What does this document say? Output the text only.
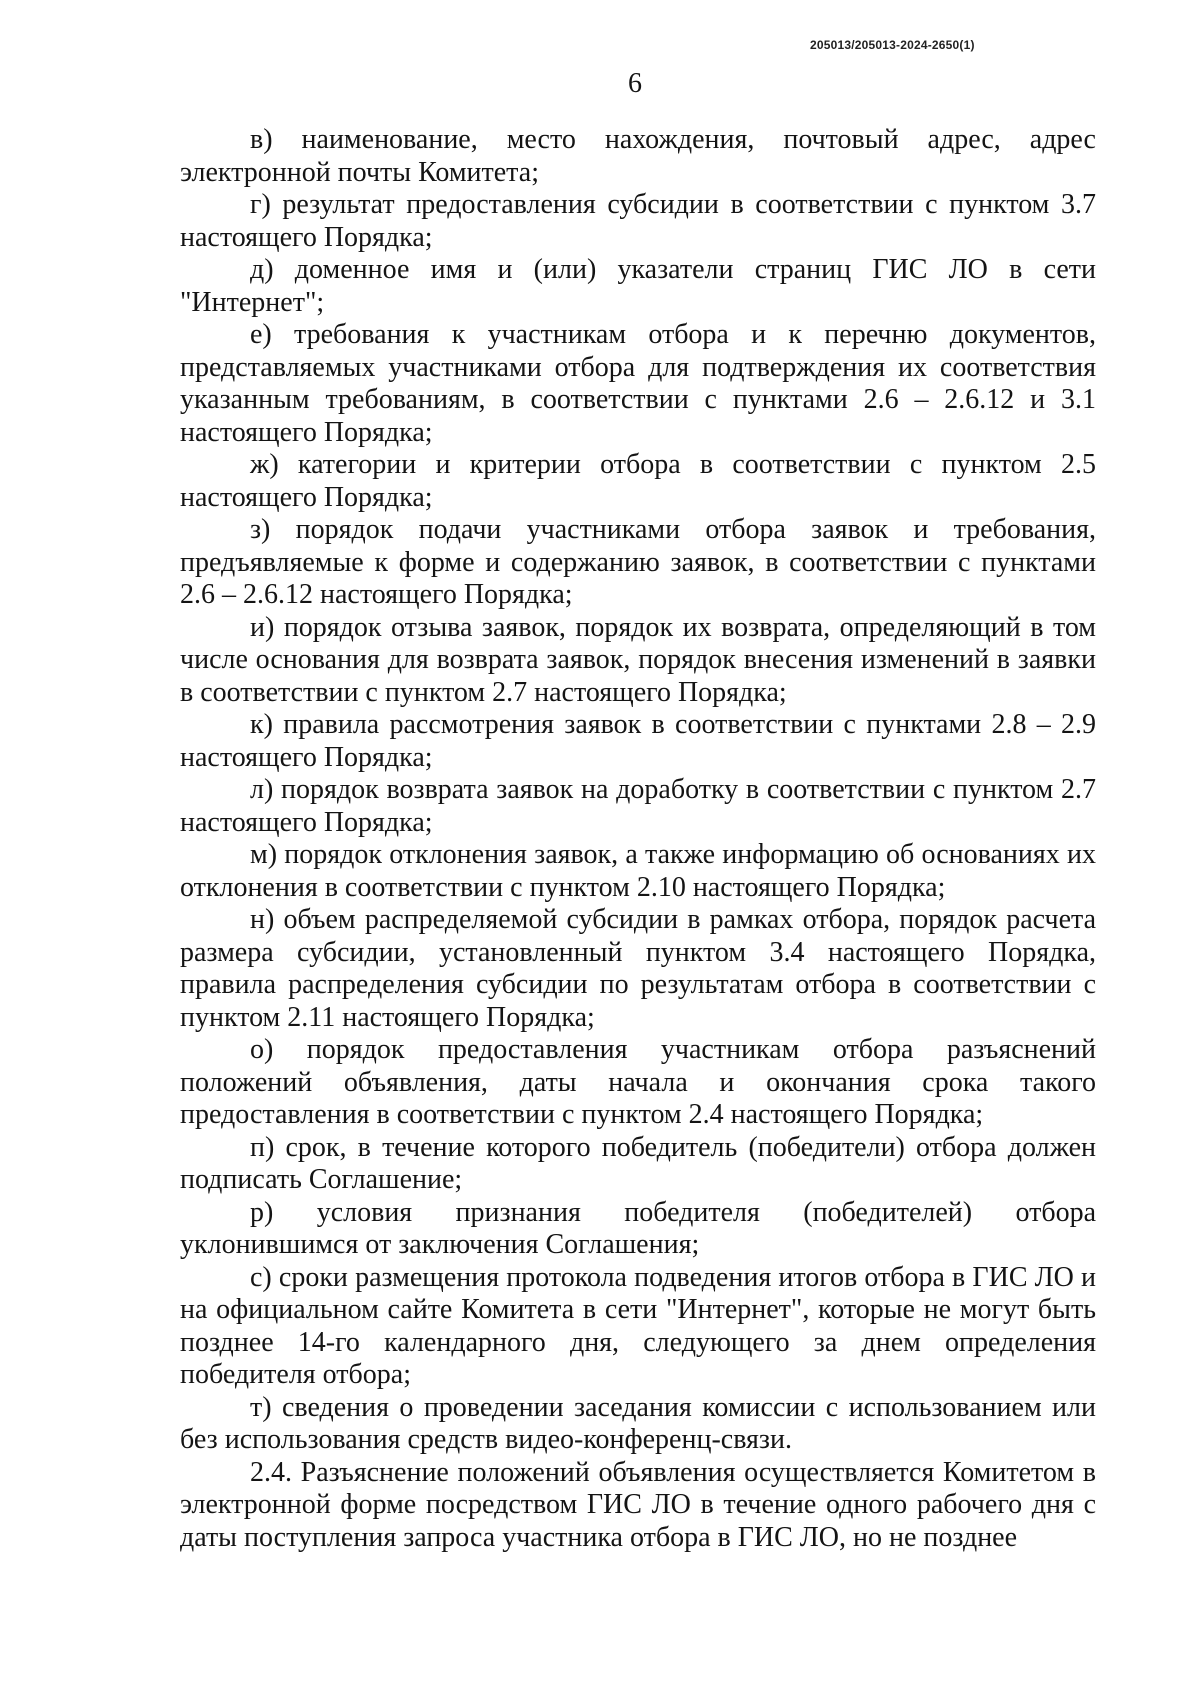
205013/205013-2024-2650(1)
6

в) наименование, место нахождения, почтовый адрес, адрес электронной почты Комитета;

г) результат предоставления субсидии в соответствии с пунктом 3.7 настоящего Порядка;

д) доменное имя и (или) указатели страниц ГИС ЛО в сети "Интернет";

е) требования к участникам отбора и к перечню документов, представляемых участниками отбора для подтверждения их соответствия указанным требованиям, в соответствии с пунктами 2.6 – 2.6.12 и 3.1 настоящего Порядка;

ж) категории и критерии отбора в соответствии с пунктом 2.5 настоящего Порядка;

з) порядок подачи участниками отбора заявок и требования, предъявляемые к форме и содержанию заявок, в соответствии с пунктами 2.6 – 2.6.12 настоящего Порядка;

и) порядок отзыва заявок, порядок их возврата, определяющий в том числе основания для возврата заявок, порядок внесения изменений в заявки в соответствии с пунктом 2.7 настоящего Порядка;

к) правила рассмотрения заявок в соответствии с пунктами 2.8 – 2.9 настоящего Порядка;

л) порядок возврата заявок на доработку в соответствии с пунктом 2.7 настоящего Порядка;

м) порядок отклонения заявок, а также информацию об основаниях их отклонения в соответствии с пунктом 2.10 настоящего Порядка;

н) объем распределяемой субсидии в рамках отбора, порядок расчета размера субсидии, установленный пунктом 3.4 настоящего Порядка, правила распределения субсидии по результатам отбора в соответствии с пунктом 2.11 настоящего Порядка;

о) порядок предоставления участникам отбора разъяснений положений объявления, даты начала и окончания срока такого предоставления в соответствии с пунктом 2.4 настоящего Порядка;

п) срок, в течение которого победитель (победители) отбора должен подписать Соглашение;

р) условия признания победителя (победителей) отбора уклонившимся от заключения Соглашения;

с) сроки размещения протокола подведения итогов отбора в ГИС ЛО и на официальном сайте Комитета в сети "Интернет", которые не могут быть позднее 14-го календарного дня, следующего за днем определения победителя отбора;

т) сведения о проведении заседания комиссии с использованием или без использования средств видео-конференц-связи.

2.4. Разъяснение положений объявления осуществляется Комитетом в электронной форме посредством ГИС ЛО в течение одного рабочего дня с даты поступления запроса участника отбора в ГИС ЛО, но не позднее
